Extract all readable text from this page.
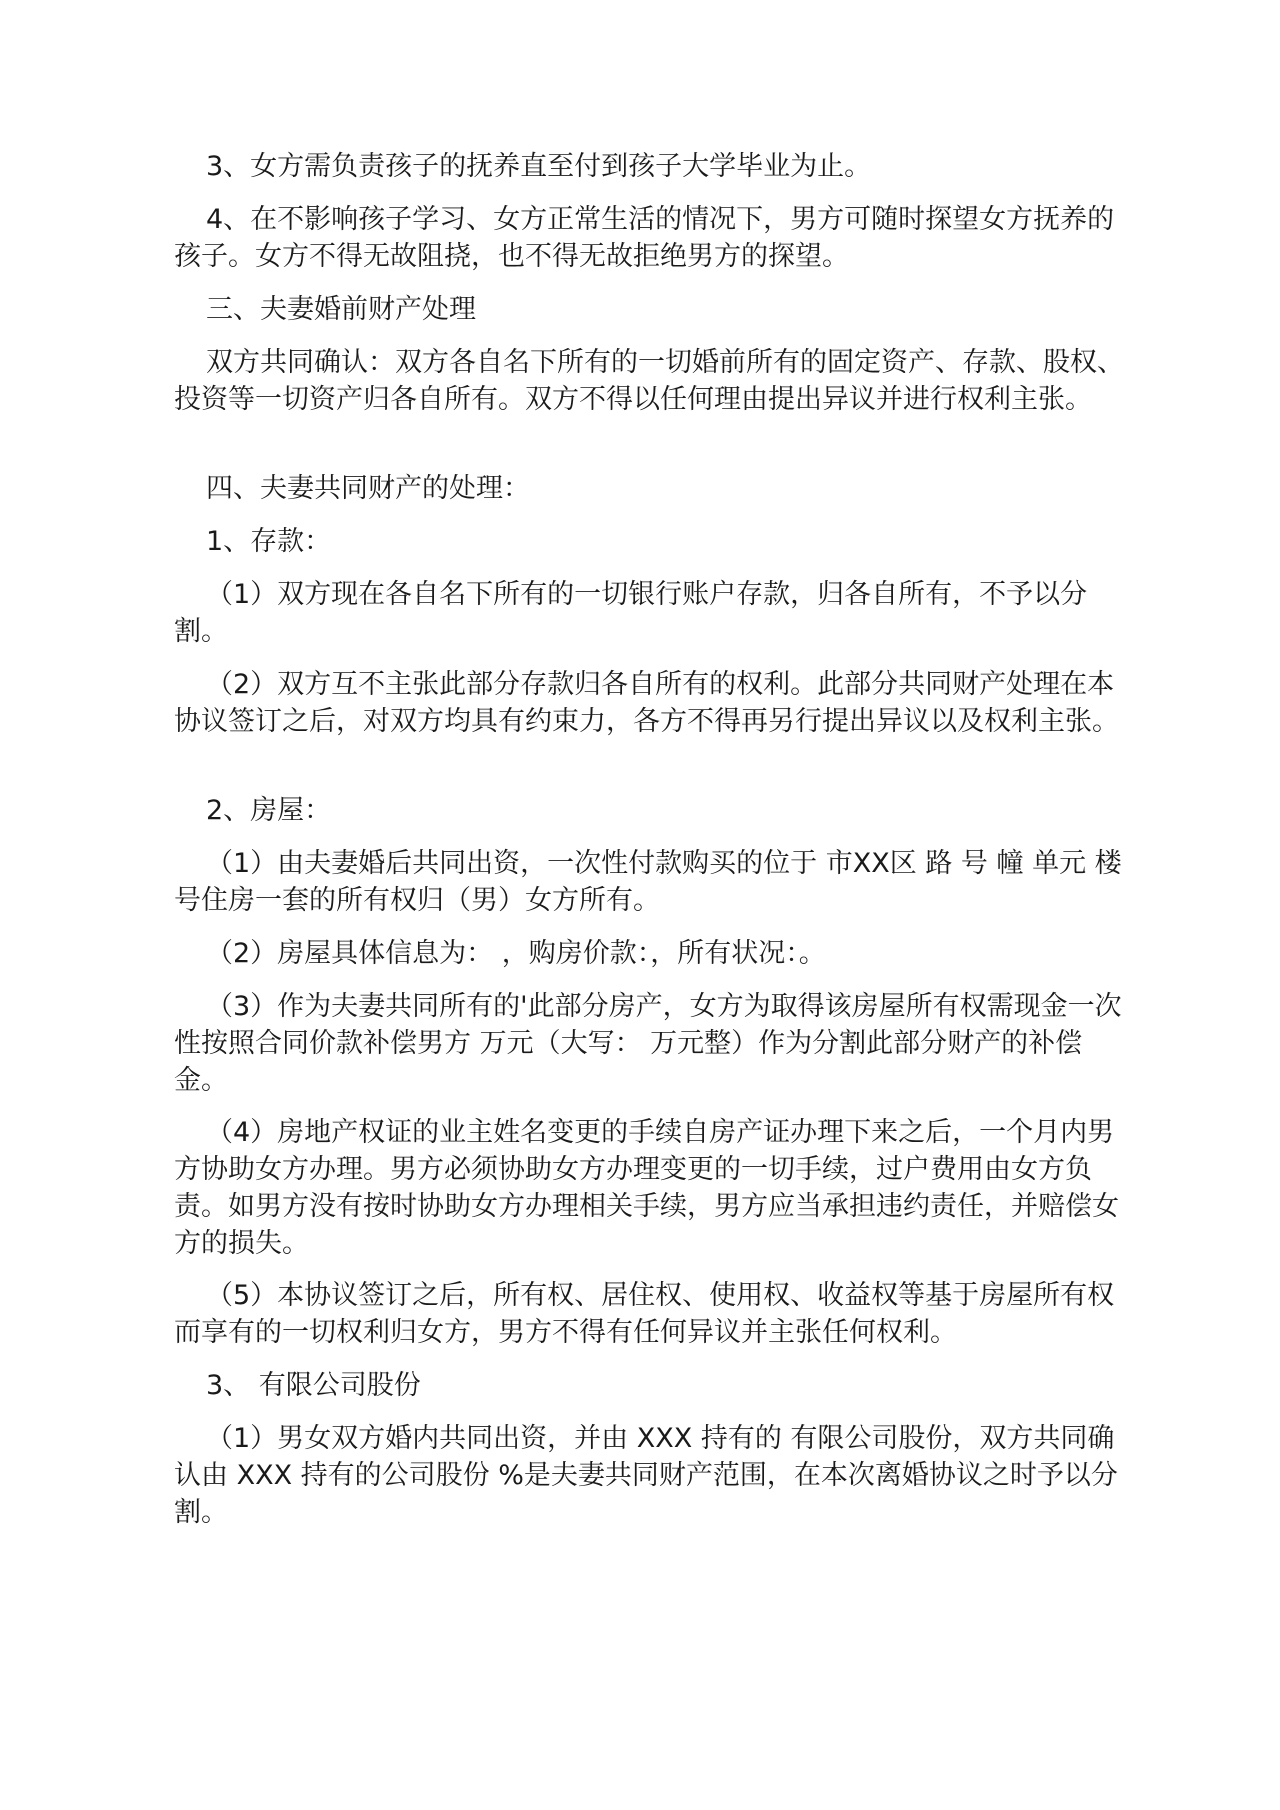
3、女方需负责孩子的抚养直至付到孩子大学毕业为止。

4、在不影响孩子学习、女方正常生活的情况下，男方可随时探望女方抚养的孩子。女方不得无故阻挠，也不得无故拒绝男方的探望。

三、夫妻婚前财产处理

双方共同确认：双方各自名下所有的一切婚前所有的固定资产、存款、股权、投资等一切资产归各自所有。双方不得以任何理由提出异议并进行权利主张。

四、夫妻共同财产的处理：

1、存款：

（1）双方现在各自名下所有的一切银行账户存款，归各自所有，不予以分割。

（2）双方互不主张此部分存款归各自所有的权利。此部分共同财产处理在本协议签订之后，对双方均具有约束力，各方不得再另行提出异议以及权利主张。

2、房屋：

（1）由夫妻婚后共同出资，一次性付款购买的位于 市XX区 路 号 幢 单元 楼 号住房一套的所有权归（男）女方所有。

（2）房屋具体信息为： ，购房价款：，所有状况：。

（3）作为夫妻共同所有的'此部分房产，女方为取得该房屋所有权需现金一次性按照合同价款补偿男方 万元（大写： 万元整）作为分割此部分财产的补偿金。

（4）房地产权证的业主姓名变更的手续自房产证办理下来之后，一个月内男方协助女方办理。男方必须协助女方办理变更的一切手续，过户费用由女方负责。如男方没有按时协助女方办理相关手续，男方应当承担违约责任，并赔偿女方的损失。

（5）本协议签订之后，所有权、居住权、使用权、收益权等基于房屋所有权而享有的一切权利归女方，男方不得有任何异议并主张任何权利。

3、 有限公司股份

（1）男女双方婚内共同出资，并由 XXX 持有的 有限公司股份，双方共同确认由 XXX 持有的公司股份 %是夫妻共同财产范围，在本次离婚协议之时予以分割。
